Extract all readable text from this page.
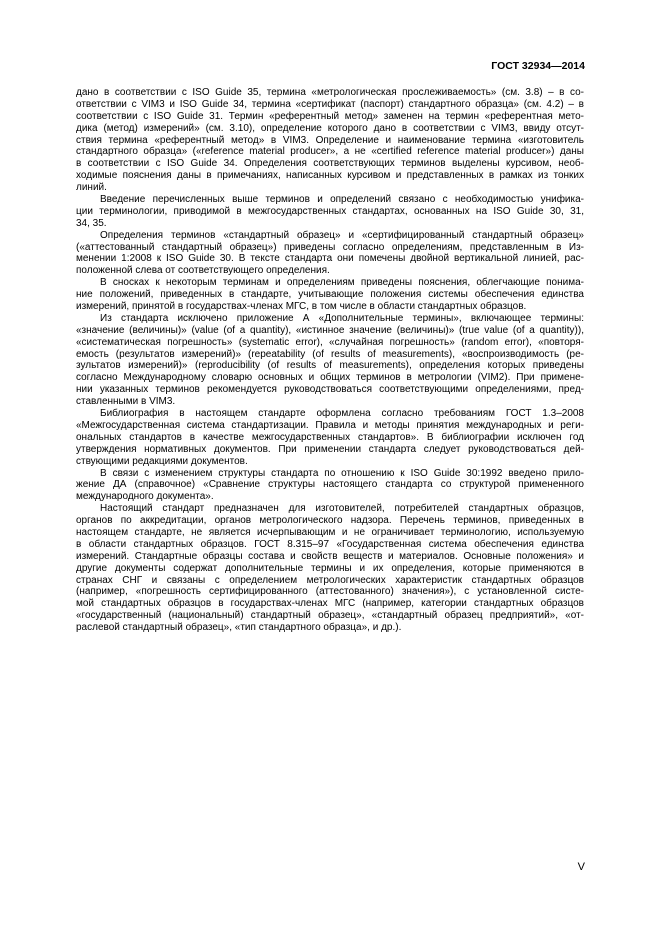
ГОСТ 32934—2014
дано в соответствии с ISO Guide 35, термина «метрологическая прослеживаемость» (см. 3.8) – в со-
ответствии с VIM3 и ISO Guide 34, термина «сертификат (паспорт) стандартного образца» (см. 4.2) – в
соответствии с ISO Guide 31. Термин «референтный метод» заменен на термин «референтная мето-
дика (метод) измерений» (см. 3.10), определение которого дано в соответствии с VIM3, ввиду отсут-
ствия термина «референтный метод» в VIM3. Определение и наименование термина «изготовитель
стандартного образца» («reference material producer», а не «certified reference material producer») даны
в соответствии с ISO Guide 34. Определения соответствующих терминов выделены курсивом, необ-
ходимые пояснения даны в примечаниях, написанных курсивом и представленных в рамках из тонких
линий.
Введение перечисленных выше терминов и определений связано с необходимостью унифика-
ции терминологии, приводимой в межгосударственных стандартах, основанных на ISO Guide 30, 31,
34, 35.
Определения терминов «стандартный образец» и «сертифицированный стандартный образец»
(«аттестованный стандартный образец») приведены согласно определениям, представленным в Из-
менении 1:2008 к ISO Guide 30. В тексте стандарта они помечены двойной вертикальной линией, рас-
положенной слева от соответствующего определения.
В сносках к некоторым терминам и определениям приведены пояснения, облегчающие понима-
ние положений, приведенных в стандарте, учитывающие положения системы обеспечения единства
измерений, принятой в государствах-членах МГС, в том числе в области стандартных образцов.
Из стандарта исключено приложение А «Дополнительные термины», включающее термины:
«значение (величины)» (value (of a quantity), «истинное значение (величины)» (true value (of a quantity)),
«систематическая погрешность» (systematic error), «случайная погрешность» (random error), «повторя-
емость (результатов измерений)» (repeatability (of results of measurements), «воспроизводимость (ре-
зультатов измерений)» (reproducibility (of results of measurements), определения которых приведены
согласно Международному словарю основных и общих терминов в метрологии (VIM2). При примене-
нии указанных терминов рекомендуется руководствоваться соответствующими определениями, пред-
ставленными в VIM3.
Библиография в настоящем стандарте оформлена согласно требованиям ГОСТ 1.3–2008
«Межгосударственная система стандартизации. Правила и методы принятия международных и реги-
ональных стандартов в качестве межгосударственных стандартов». В библиографии исключен год
утверждения нормативных документов. При применении стандарта следует руководствоваться дей-
ствующими редакциями документов.
В связи с изменением структуры стандарта по отношению к ISO Guide 30:1992 введено прило-
жение ДА (справочное) «Сравнение структуры настоящего стандарта со структурой примененного
международного документа».
Настоящий стандарт предназначен для изготовителей, потребителей стандартных образцов,
органов по аккредитации, органов метрологического надзора. Перечень терминов, приведенных в
настоящем стандарте, не является исчерпывающим и не ограничивает терминологию, используемую
в области стандартных образцов. ГОСТ 8.315–97 «Государственная система обеспечения единства
измерений. Стандартные образцы состава и свойств веществ и материалов. Основные положения» и
другие документы содержат дополнительные термины и их определения, которые применяются в
странах СНГ и связаны с определением метрологических характеристик стандартных образцов
(например, «погрешность сертифицированного (аттестованного) значения»), с установленной систе-
мой стандартных образцов в государствах-членах МГС (например, категории стандартных образцов
«государственный (национальный) стандартный образец», «стандартный образец предприятий», «от-
раслевой стандартный образец», «тип стандартного образца», и др.).
V
